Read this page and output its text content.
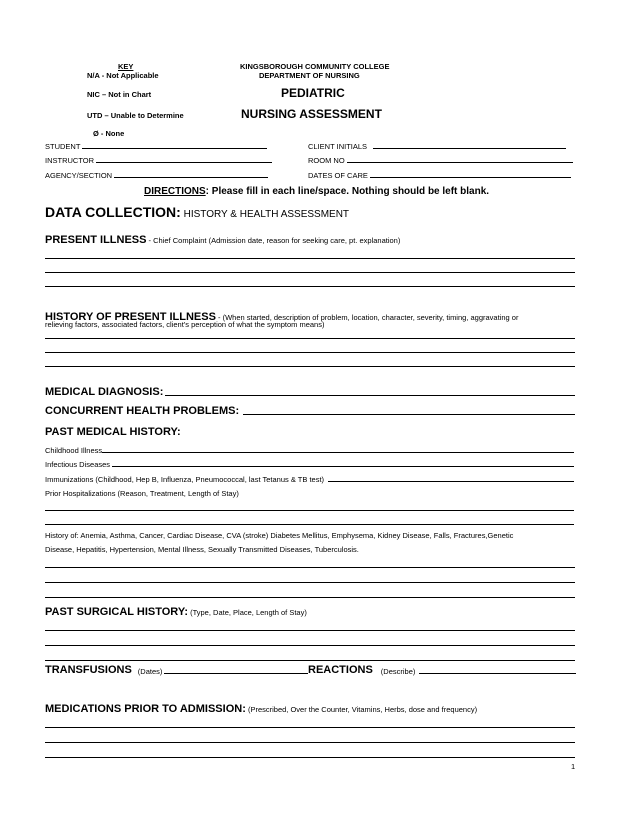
KEY
N/A - Not Applicable
NIC – Not in Chart
UTD – Unable to Determine
Ø - None
KINGSBOROUGH COMMUNITY COLLEGE
DEPARTMENT OF NURSING
PEDIATRIC
NURSING ASSESSMENT
STUDENT
INSTRUCTOR
AGENCY/SECTION
CLIENT INITIALS
ROOM NO
DATES OF CARE
DIRECTIONS: Please fill in each line/space. Nothing should be left blank.
DATA COLLECTION: HISTORY & HEALTH ASSESSMENT
PRESENT ILLNESS - Chief Complaint (Admission date, reason for seeking care, pt. explanation)
HISTORY OF PRESENT ILLNESS - (When started, description of problem, location, character, severity, timing, aggravating or
relieving factors, associated factors, client's perception of what the symptom means)
MEDICAL DIAGNOSIS:
CONCURRENT HEALTH PROBLEMS:
PAST MEDICAL HISTORY:
Childhood Illness
Infectious Diseases
Immunizations (Childhood, Hep B, Influenza, Pneumococcal, last Tetanus & TB test)
Prior Hospitalizations (Reason, Treatment, Length of Stay)
History of: Anemia, Asthma, Cancer, Cardiac Disease, CVA (stroke) Diabetes Mellitus, Emphysema, Kidney Disease, Falls, Fractures,Genetic
Disease, Hepatitis, Hypertension, Mental Illness, Sexually Transmitted Diseases, Tuberculosis.
PAST SURGICAL HISTORY: (Type, Date, Place, Length of Stay)
TRANSFUSIONS (Dates)	REACTIONS (Describe)
MEDICATIONS PRIOR TO ADMISSION: (Prescribed, Over the Counter, Vitamins, Herbs, dose and frequency)
1
